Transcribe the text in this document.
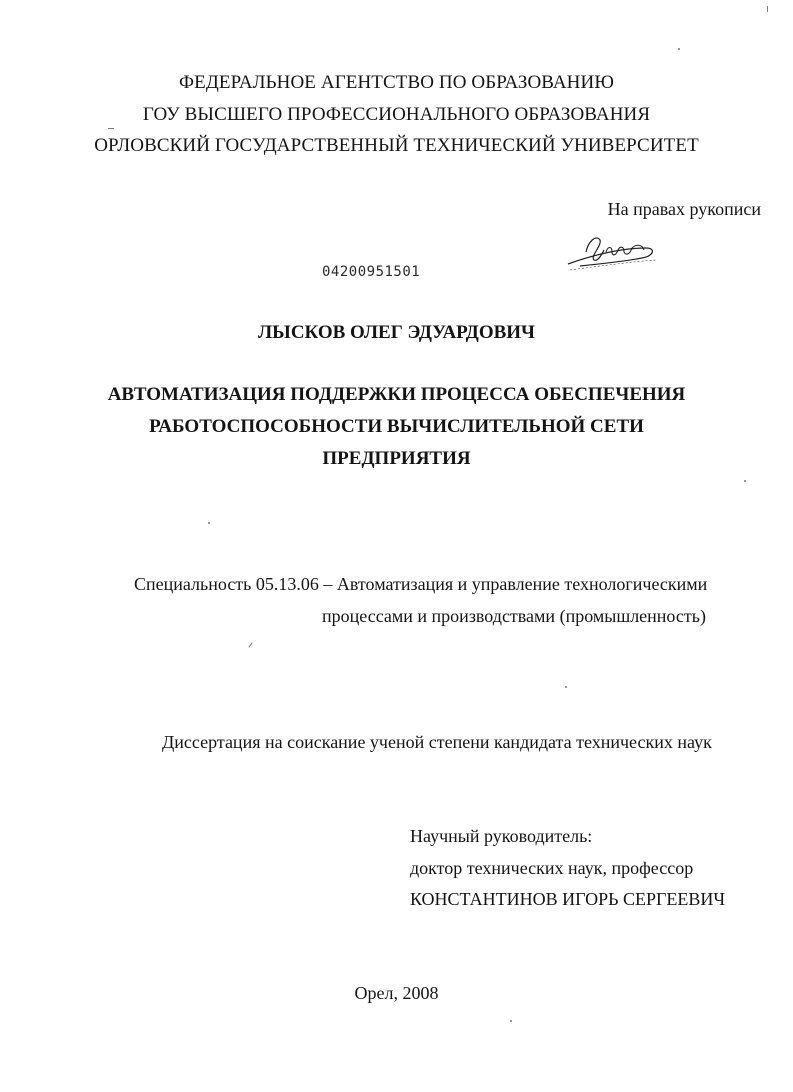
ФЕДЕРАЛЬНОЕ АГЕНТСТВО ПО ОБРАЗОВАНИЮ
ГОУ ВЫСШЕГО ПРОФЕССИОНАЛЬНОГО ОБРАЗОВАНИЯ
ОРЛОВСКИЙ ГОСУДАРСТВЕННЫЙ ТЕХНИЧЕСКИЙ УНИВЕРСИТЕТ
На правах рукописи
04200951501
ЛЫСКОВ ОЛЕГ ЭДУАРДОВИЧ
АВТОМАТИЗАЦИЯ ПОДДЕРЖКИ ПРОЦЕССА ОБЕСПЕЧЕНИЯ
РАБОТОСПОСОБНОСТИ ВЫЧИСЛИТЕЛЬНОЙ СЕТИ
ПРЕДПРИЯТИЯ
Специальность 05.13.06 – Автоматизация и управление технологическими
процессами и производствами (промышленность)
Диссертация на соискание ученой степени кандидата технических наук
Научный руководитель:
доктор технических наук, профессор
КОНСТАНТИНОВ ИГОРЬ СЕРГЕЕВИЧ
Орел, 2008
